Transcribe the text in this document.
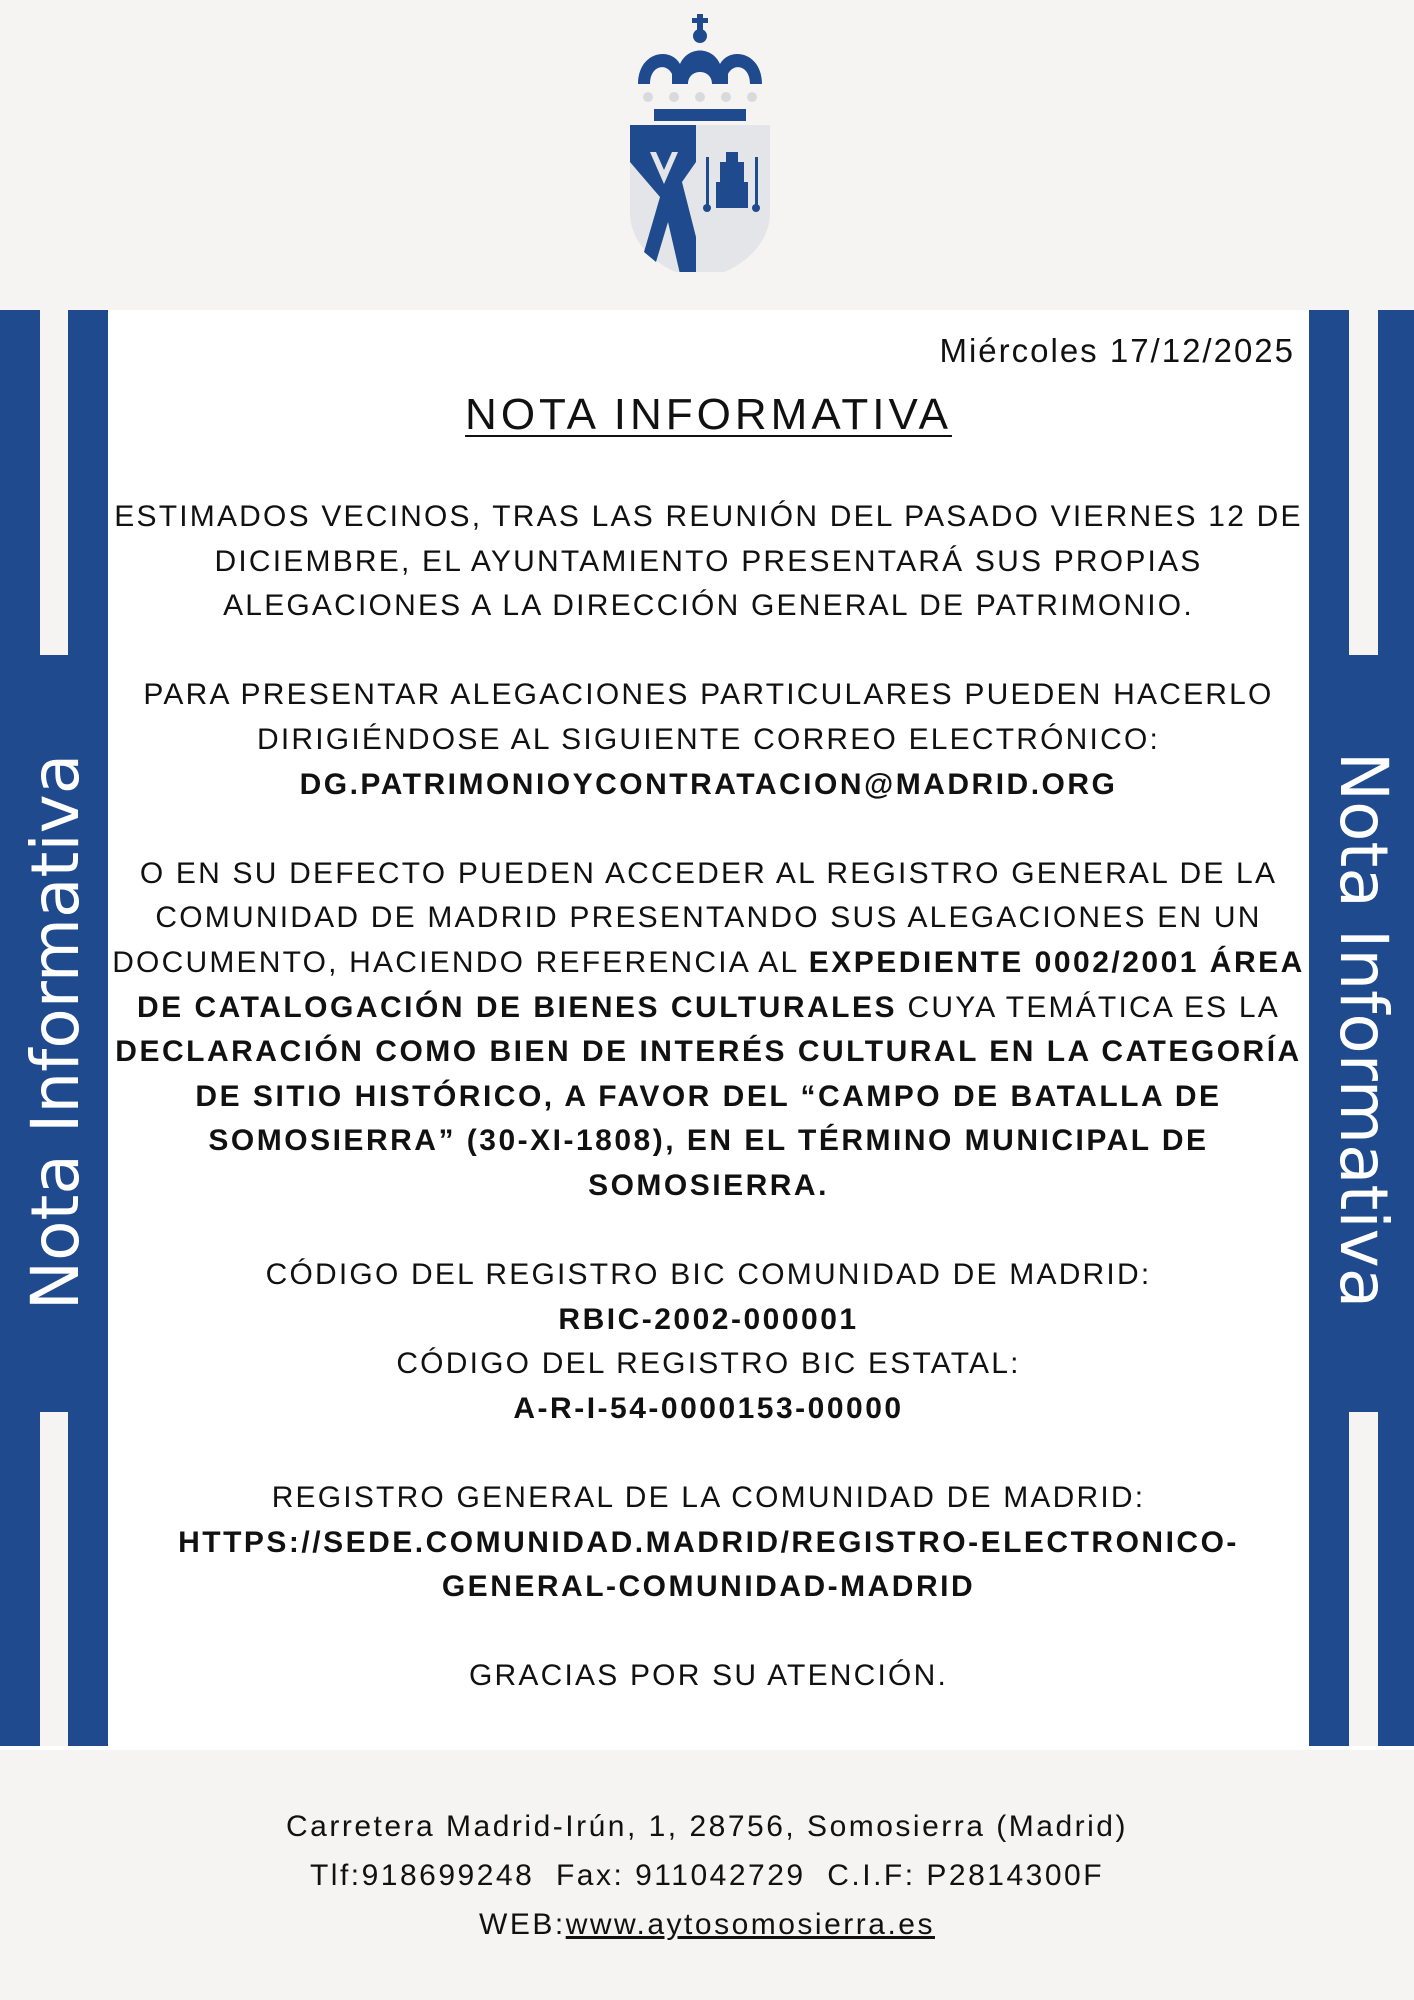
Nota Informativa	Nota Informativa
Miércoles 17/12/2025
NOTA INFORMATIVA

ESTIMADOS VECINOS, TRAS LAS REUNIÓN DEL PASADO VIERNES 12 DE DICIEMBRE, EL AYUNTAMIENTO PRESENTARÁ SUS PROPIAS ALEGACIONES A LA DIRECCIÓN GENERAL DE PATRIMONIO.

PARA PRESENTAR ALEGACIONES PARTICULARES PUEDEN HACERLO DIRIGIÉNDOSE AL SIGUIENTE CORREO ELECTRÓNICO:
DG.PATRIMONIOYCONTRATACION@MADRID.ORG

O EN SU DEFECTO PUEDEN ACCEDER AL REGISTRO GENERAL DE LA COMUNIDAD DE MADRID PRESENTANDO SUS ALEGACIONES EN UN DOCUMENTO, HACIENDO REFERENCIA AL EXPEDIENTE 0002/2001 ÁREA DE CATALOGACIÓN DE BIENES CULTURALES CUYA TEMÁTICA ES LA DECLARACIÓN COMO BIEN DE INTERÉS CULTURAL EN LA CATEGORÍA DE SITIO HISTÓRICO, A FAVOR DEL “CAMPO DE BATALLA DE SOMOSIERRA” (30-XI-1808), EN EL TÉRMINO MUNICIPAL DE SOMOSIERRA.

CÓDIGO DEL REGISTRO BIC COMUNIDAD DE MADRID:
RBIC-2002-000001
CÓDIGO DEL REGISTRO BIC ESTATAL:
A-R-I-54-0000153-00000

REGISTRO GENERAL DE LA COMUNIDAD DE MADRID:
HTTPS://SEDE.COMUNIDAD.MADRID/REGISTRO-ELECTRONICO-
GENERAL-COMUNIDAD-MADRID

GRACIAS POR SU ATENCIÓN.

Carretera Madrid-Irún, 1, 28756, Somosierra (Madrid)
Tlf:918699248  Fax: 911042729  C.I.F: P2814300F
WEB:www.aytosomosierra.es
